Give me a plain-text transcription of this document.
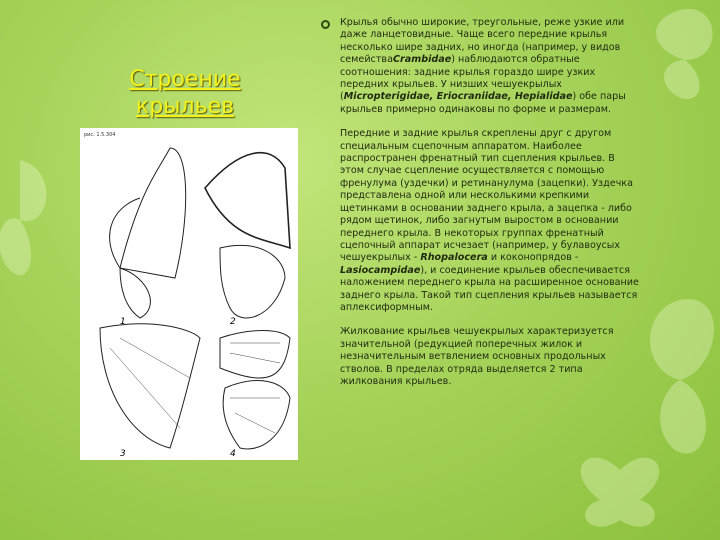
Строение крыльев
рис. 1.5.304
1	2
3	4

Крылья обычно широкие, треугольные, реже узкие или даже ланцетовидные. Чаще всего передние крылья несколько шире задних, но иногда (например, у видов семействаCrambidae) наблюдаются обратные соотношения: задние крылья гораздо шире узких передних крыльев. У низших чешуекрылых (Micropterigidae, Eriocraniidae, Hepialidae) обе пары крыльев примерно одинаковы по форме и размерам.

Передние и задние крылья скреплены друг с другом специальным сцепочным аппаратом. Наиболее распространен френатный тип сцепления крыльев. В этом случае сцепление осуществляется с помощью френулума (уздечки) и ретинанулума (зацепки). Уздечка представлена одной или несколькими крепкими щетинками в основании заднего крыла, а зацепка - либо рядом щетинок, либо загнутым выростом в основании переднего крыла. В некоторых группах френатный сцепочный аппарат исчезает (например, у булавоусых чешуекрылых - Rhopalocera и коконопрядов - Lasiocampidae), и соединение крыльев обеспечивается наложением переднего крыла на расширенное основание заднего крыла. Такой тип сцепления крыльев называется аплексиформным.

Жилкование крыльев чешуекрылых характеризуется значительной (редукцией поперечных жилок и незначительным ветвлением основных продольных стволов. В пределах отряда выделяется 2 типа жилкования крыльев.
